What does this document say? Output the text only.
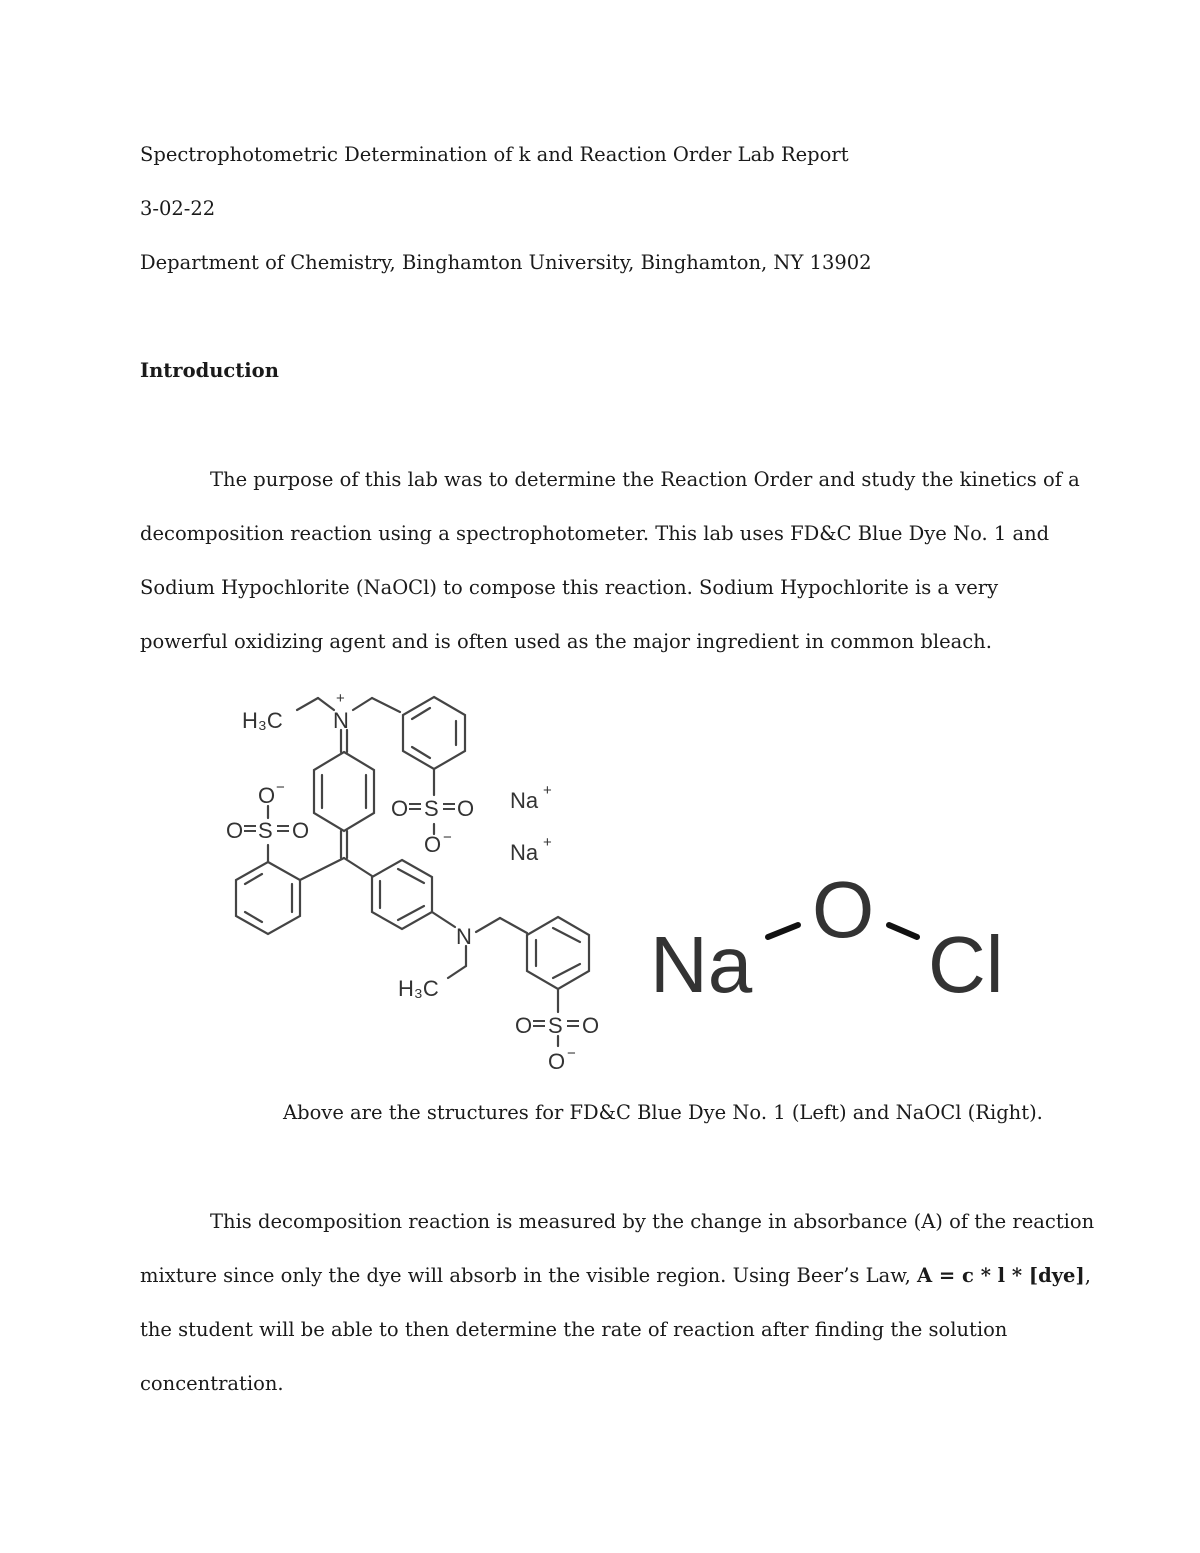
Spectrophotometric Determination of k and Reaction Order Lab Report
3-02-22
Department of Chemistry, Binghamton University, Binghamton, NY 13902
Introduction
The purpose of this lab was to determine the Reaction Order and study the kinetics of a
decomposition reaction using a spectrophotometer. This lab uses FD&C Blue Dye No. 1 and
Sodium Hypochlorite (NaOCl) to compose this reaction. Sodium Hypochlorite is a very
powerful oxidizing agent and is often used as the major ingredient in common bleach.
H₃C N
+
O −
O S O
O S O
O −
Na +
Na +
N
H₃C
O S O
O −
Na
O
Cl
Above are the structures for FD&C Blue Dye No. 1 (Left) and NaOCl (Right).
This decomposition reaction is measured by the change in absorbance (A) of the reaction
mixture since only the dye will absorb in the visible region. Using Beer’s Law, A = c * l * [dye],
the student will be able to then determine the rate of reaction after finding the solution
concentration.
